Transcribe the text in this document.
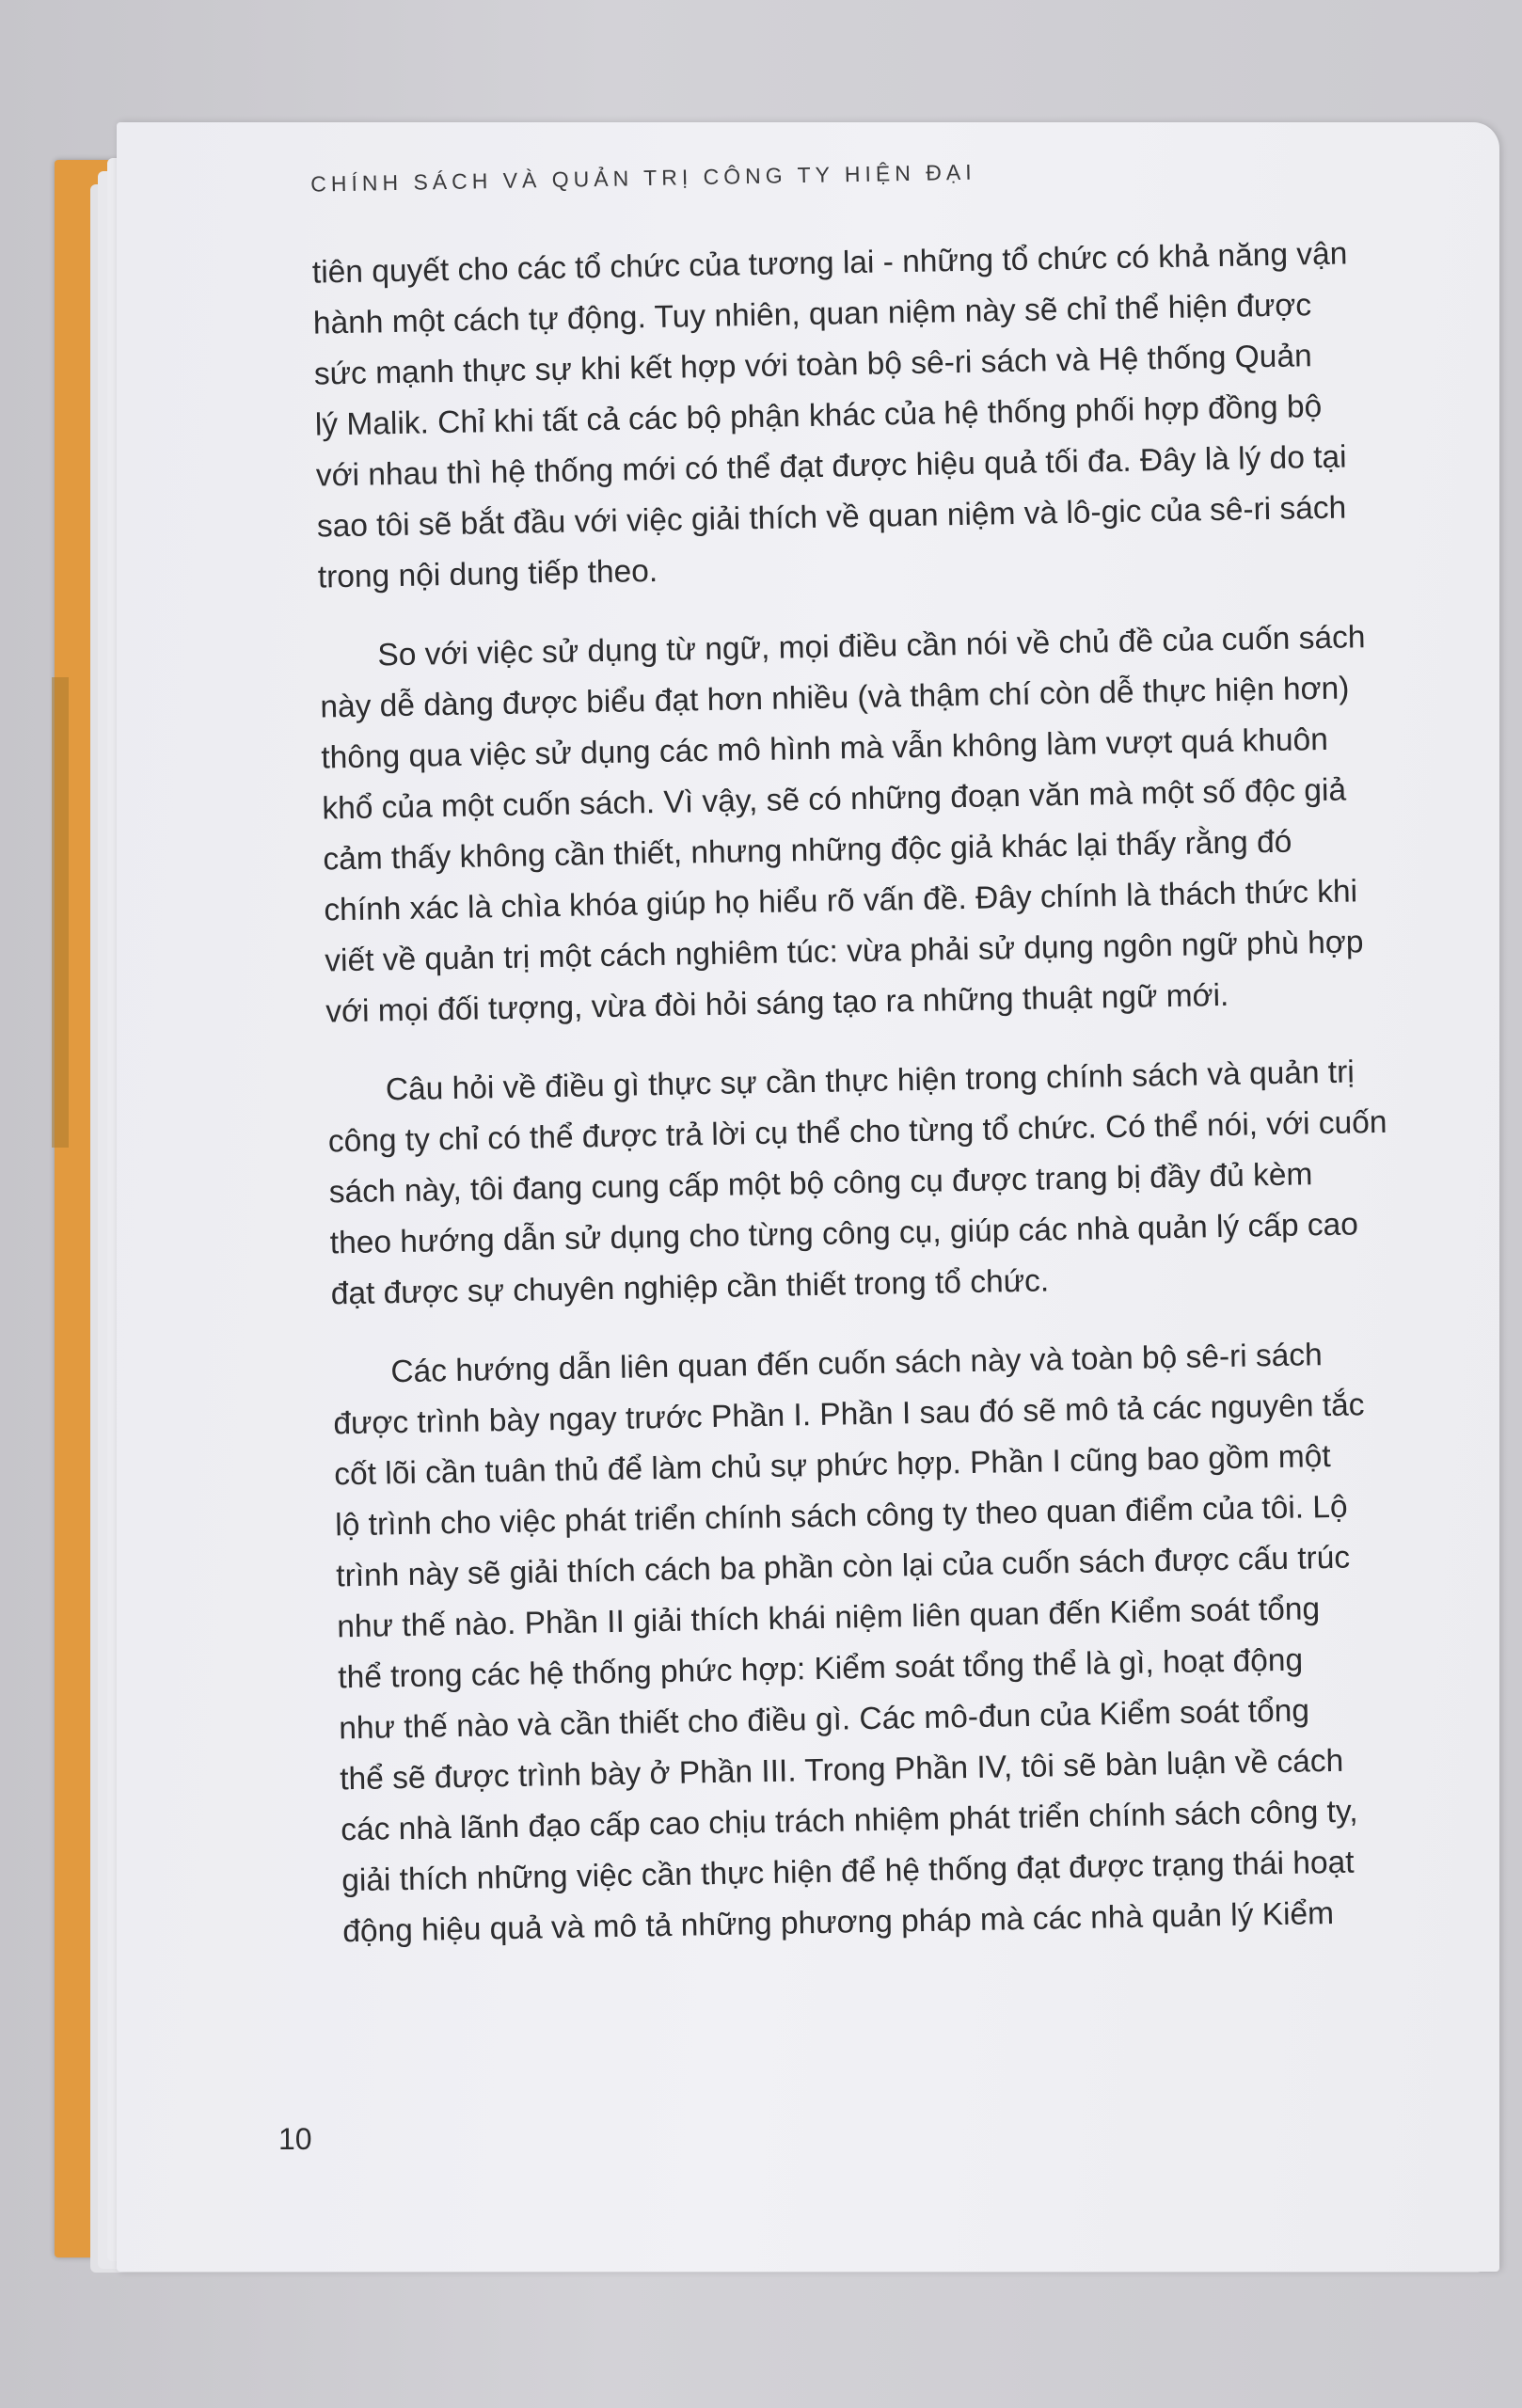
CHÍNH SÁCH VÀ QUẢN TRỊ CÔNG TY HIỆN ĐẠI
tiên quyết cho các tổ chức của tương lai - những tổ chức có khả năng vận
hành một cách tự động. Tuy nhiên, quan niệm này sẽ chỉ thể hiện được
sức mạnh thực sự khi kết hợp với toàn bộ sê-ri sách và Hệ thống Quản
lý Malik. Chỉ khi tất cả các bộ phận khác của hệ thống phối hợp đồng bộ
với nhau thì hệ thống mới có thể đạt được hiệu quả tối đa. Đây là lý do tại
sao tôi sẽ bắt đầu với việc giải thích về quan niệm và lô-gic của sê-ri sách
trong nội dung tiếp theo.
So với việc sử dụng từ ngữ, mọi điều cần nói về chủ đề của cuốn sách
này dễ dàng được biểu đạt hơn nhiều (và thậm chí còn dễ thực hiện hơn)
thông qua việc sử dụng các mô hình mà vẫn không làm vượt quá khuôn
khổ của một cuốn sách. Vì vậy, sẽ có những đoạn văn mà một số độc giả
cảm thấy không cần thiết, nhưng những độc giả khác lại thấy rằng đó
chính xác là chìa khóa giúp họ hiểu rõ vấn đề. Đây chính là thách thức khi
viết về quản trị một cách nghiêm túc: vừa phải sử dụng ngôn ngữ phù hợp
với mọi đối tượng, vừa đòi hỏi sáng tạo ra những thuật ngữ mới.
Câu hỏi về điều gì thực sự cần thực hiện trong chính sách và quản trị
công ty chỉ có thể được trả lời cụ thể cho từng tổ chức. Có thể nói, với cuốn
sách này, tôi đang cung cấp một bộ công cụ được trang bị đầy đủ kèm
theo hướng dẫn sử dụng cho từng công cụ, giúp các nhà quản lý cấp cao
đạt được sự chuyên nghiệp cần thiết trong tổ chức.
Các hướng dẫn liên quan đến cuốn sách này và toàn bộ sê-ri sách
được trình bày ngay trước Phần I. Phần I sau đó sẽ mô tả các nguyên tắc
cốt lõi cần tuân thủ để làm chủ sự phức hợp. Phần I cũng bao gồm một
lộ trình cho việc phát triển chính sách công ty theo quan điểm của tôi. Lộ
trình này sẽ giải thích cách ba phần còn lại của cuốn sách được cấu trúc
như thế nào. Phần II giải thích khái niệm liên quan đến Kiểm soát tổng
thể trong các hệ thống phức hợp: Kiểm soát tổng thể là gì, hoạt động
như thế nào và cần thiết cho điều gì. Các mô-đun của Kiểm soát tổng
thể sẽ được trình bày ở Phần III. Trong Phần IV, tôi sẽ bàn luận về cách
các nhà lãnh đạo cấp cao chịu trách nhiệm phát triển chính sách công ty,
giải thích những việc cần thực hiện để hệ thống đạt được trạng thái hoạt
động hiệu quả và mô tả những phương pháp mà các nhà quản lý Kiểm
10
